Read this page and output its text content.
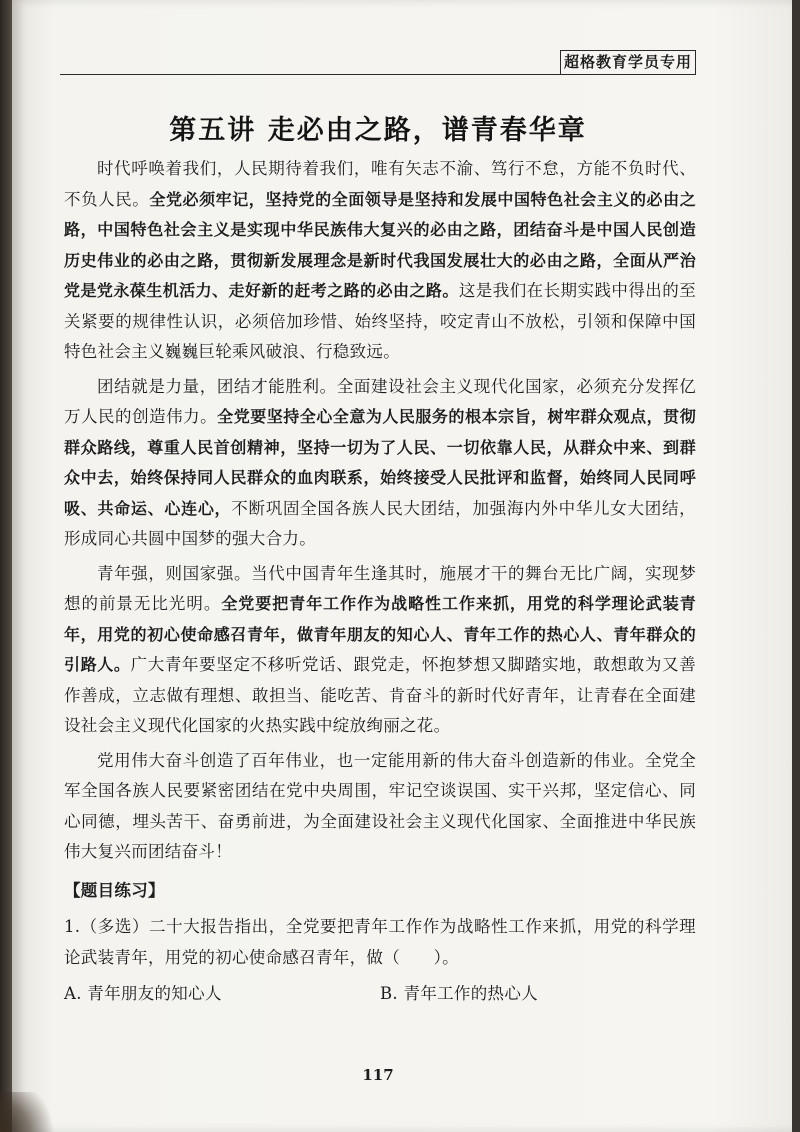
超格教育学员专用
第五讲 走必由之路，谱青春华章

时代呼唤着我们，人民期待着我们，唯有矢志不渝、笃行不怠，方能不负时代、不负人民。全党必须牢记，坚持党的全面领导是坚持和发展中国特色社会主义的必由之路，中国特色社会主义是实现中华民族伟大复兴的必由之路，团结奋斗是中国人民创造历史伟业的必由之路，贯彻新发展理念是新时代我国发展壮大的必由之路，全面从严治党是党永葆生机活力、走好新的赶考之路的必由之路。这是我们在长期实践中得出的至关紧要的规律性认识，必须倍加珍惜、始终坚持，咬定青山不放松，引领和保障中国特色社会主义巍巍巨轮乘风破浪、行稳致远。

团结就是力量，团结才能胜利。全面建设社会主义现代化国家，必须充分发挥亿万人民的创造伟力。全党要坚持全心全意为人民服务的根本宗旨，树牢群众观点，贯彻群众路线，尊重人民首创精神，坚持一切为了人民、一切依靠人民，从群众中来、到群众中去，始终保持同人民群众的血肉联系，始终接受人民批评和监督，始终同人民同呼吸、共命运、心连心，不断巩固全国各族人民大团结，加强海内外中华儿女大团结，形成同心共圆中国梦的强大合力。

青年强，则国家强。当代中国青年生逢其时，施展才干的舞台无比广阔，实现梦想的前景无比光明。全党要把青年工作作为战略性工作来抓，用党的科学理论武装青年，用党的初心使命感召青年，做青年朋友的知心人、青年工作的热心人、青年群众的引路人。广大青年要坚定不移听党话、跟党走，怀抱梦想又脚踏实地，敢想敢为又善作善成，立志做有理想、敢担当、能吃苦、肯奋斗的新时代好青年，让青春在全面建设社会主义现代化国家的火热实践中绽放绚丽之花。

党用伟大奋斗创造了百年伟业，也一定能用新的伟大奋斗创造新的伟业。全党全军全国各族人民要紧密团结在党中央周围，牢记空谈误国、实干兴邦，坚定信心、同心同德，埋头苦干、奋勇前进，为全面建设社会主义现代化国家、全面推进中华民族伟大复兴而团结奋斗！

【题目练习】

1.（多选）二十大报告指出，全党要把青年工作作为战略性工作来抓，用党的科学理论武装青年，用党的初心使命感召青年，做（　　）。

A. 青年朋友的知心人	B. 青年工作的热心人
117
